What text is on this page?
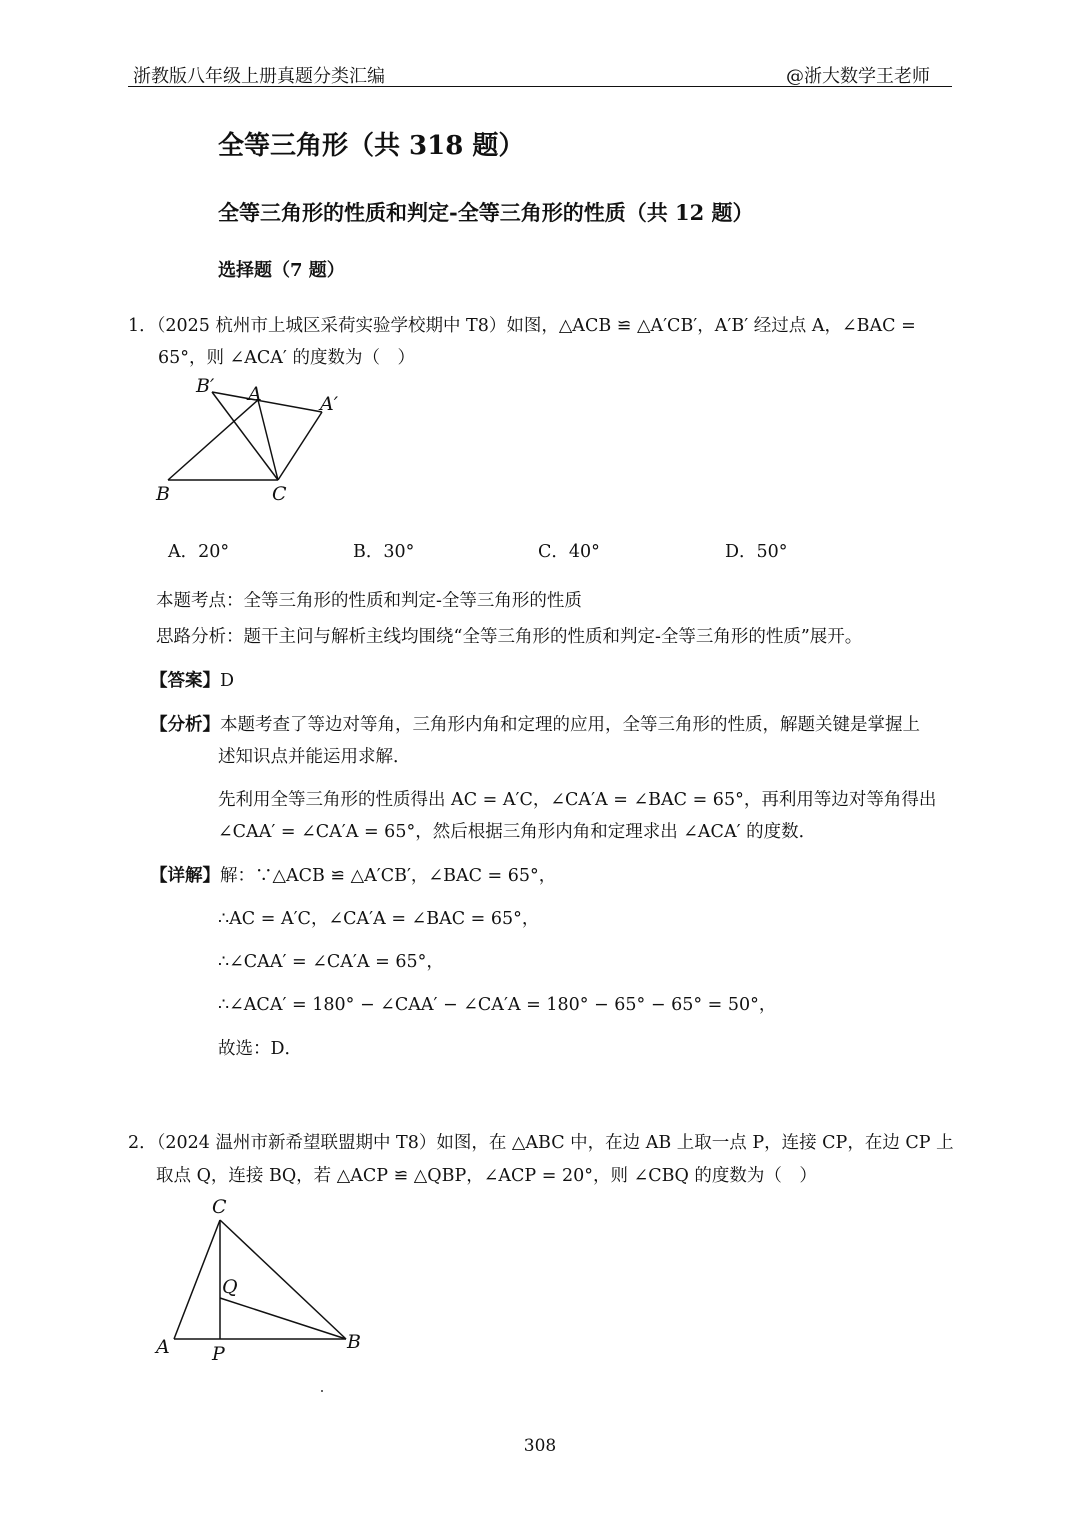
浙教版八年级上册真题分类汇编	@浙大数学王老师
全等三角形（共 318 题）
全等三角形的性质和判定-全等三角形的性质（共 12 题）
选择题（7 题）
1．（2025 杭州市上城区采荷实验学校期中 T8）如图，△ACB ≌ △A′CB′，A′B′ 经过点 A，∠BAC =
65°，则 ∠ACA′ 的度数为（　）
B′ A	A′
B	C
A．20°	B．30°	C．40°	D．50°
本题考点：全等三角形的性质和判定-全等三角形的性质
思路分析：题干主问与解析主线均围绕“全等三角形的性质和判定-全等三角形的性质”展开。
【答案】D
【分析】本题考查了等边对等角，三角形内角和定理的应用，全等三角形的性质，解题关键是掌握上
述知识点并能运用求解．
先利用全等三角形的性质得出 AC = A′C，∠CA′A = ∠BAC = 65°，再利用等边对等角得出
∠CAA′ = ∠CA′A = 65°，然后根据三角形内角和定理求出 ∠ACA′ 的度数．
【详解】解：∵△ACB ≌ △A′CB′，∠BAC = 65°，
∴AC = A′C，∠CA′A = ∠BAC = 65°，
∴∠CAA′ = ∠CA′A = 65°，
∴∠ACA′ = 180° − ∠CAA′ − ∠CA′A = 180° − 65° − 65° = 50°，
故选：D．
2．（2024 温州市新希望联盟期中 T8）如图，在 △ABC 中，在边 AB 上取一点 P，连接 CP，在边 CP 上
取点 Q，连接 BQ，若 △ACP ≌ △QBP，∠ACP = 20°，则 ∠CBQ 的度数为（　）
C
Q
A P
B
308
